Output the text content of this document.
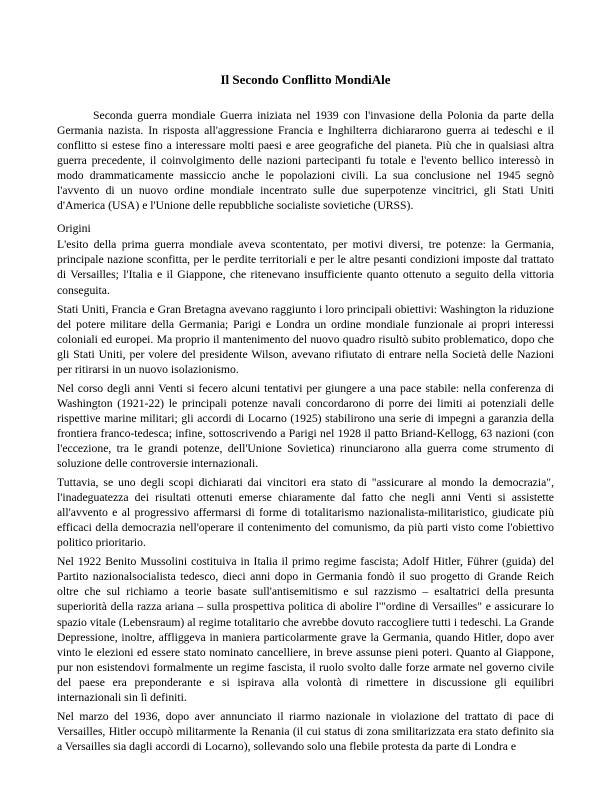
Il Secondo Conflitto MondiAle

Seconda guerra mondiale Guerra iniziata nel 1939 con l'invasione della Polonia da parte della Germania nazista. In risposta all'aggressione Francia e Inghilterra dichiararono guerra ai tedeschi e il conflitto si estese fino a interessare molti paesi e aree geografiche del pianeta. Più che in qualsiasi altra guerra precedente, il coinvolgimento delle nazioni partecipanti fu totale e l'evento bellico interessò in modo drammaticamente massiccio anche le popolazioni civili. La sua conclusione nel 1945 segnò l'avvento di un nuovo ordine mondiale incentrato sulle due superpotenze vincitrici, gli Stati Uniti d'America (USA) e l'Unione delle repubbliche socialiste sovietiche (URSS).

Origini

L'esito della prima guerra mondiale aveva scontentato, per motivi diversi, tre potenze: la Germania, principale nazione sconfitta, per le perdite territoriali e per le altre pesanti condizioni imposte dal trattato di Versailles; l'Italia e il Giappone, che ritenevano insufficiente quanto ottenuto a seguito della vittoria conseguita.

Stati Uniti, Francia e Gran Bretagna avevano raggiunto i loro principali obiettivi: Washington la riduzione del potere militare della Germania; Parigi e Londra un ordine mondiale funzionale ai propri interessi coloniali ed europei. Ma proprio il mantenimento del nuovo quadro risultò subito problematico, dopo che gli Stati Uniti, per volere del presidente Wilson, avevano rifiutato di entrare nella Società delle Nazioni per ritirarsi in un nuovo isolazionismo.

Nel corso degli anni Venti si fecero alcuni tentativi per giungere a una pace stabile: nella conferenza di Washington (1921-22) le principali potenze navali concordarono di porre dei limiti ai potenziali delle rispettive marine militari; gli accordi di Locarno (1925) stabilirono una serie di impegni a garanzia della frontiera franco-tedesca; infine, sottoscrivendo a Parigi nel 1928 il patto Briand-Kellogg, 63 nazioni (con l'eccezione, tra le grandi potenze, dell'Unione Sovietica) rinunciarono alla guerra come strumento di soluzione delle controversie internazionali.

Tuttavia, se uno degli scopi dichiarati dai vincitori era stato di "assicurare al mondo la democrazia", l'inadeguatezza dei risultati ottenuti emerse chiaramente dal fatto che negli anni Venti si assistette all'avvento e al progressivo affermarsi di forme di totalitarismo nazionalista-militaristico, giudicate più efficaci della democrazia nell'operare il contenimento del comunismo, da più parti visto come l'obiettivo politico prioritario.

Nel 1922 Benito Mussolini costituiva in Italia il primo regime fascista; Adolf Hitler, Führer (guida) del Partito nazionalsocialista tedesco, dieci anni dopo in Germania fondò il suo progetto di Grande Reich oltre che sul richiamo a teorie basate sull'antisemitismo e sul razzismo – esaltatrici della presunta superiorità della razza ariana – sulla prospettiva politica di abolire l'"ordine di Versailles" e assicurare lo spazio vitale (Lebensraum) al regime totalitario che avrebbe dovuto raccogliere tutti i tedeschi. La Grande Depressione, inoltre, affliggeva in maniera particolarmente grave la Germania, quando Hitler, dopo aver vinto le elezioni ed essere stato nominato cancelliere, in breve assunse pieni poteri. Quanto al Giappone, pur non esistendovi formalmente un regime fascista, il ruolo svolto dalle forze armate nel governo civile del paese era preponderante e si ispirava alla volontà di rimettere in discussione gli equilibri internazionali sin lì definiti.

Nel marzo del 1936, dopo aver annunciato il riarmo nazionale in violazione del trattato di pace di Versailles, Hitler occupò militarmente la Renania (il cui status di zona smilitarizzata era stato definito sia a Versailles sia dagli accordi di Locarno), sollevando solo una flebile protesta da parte di Londra e
